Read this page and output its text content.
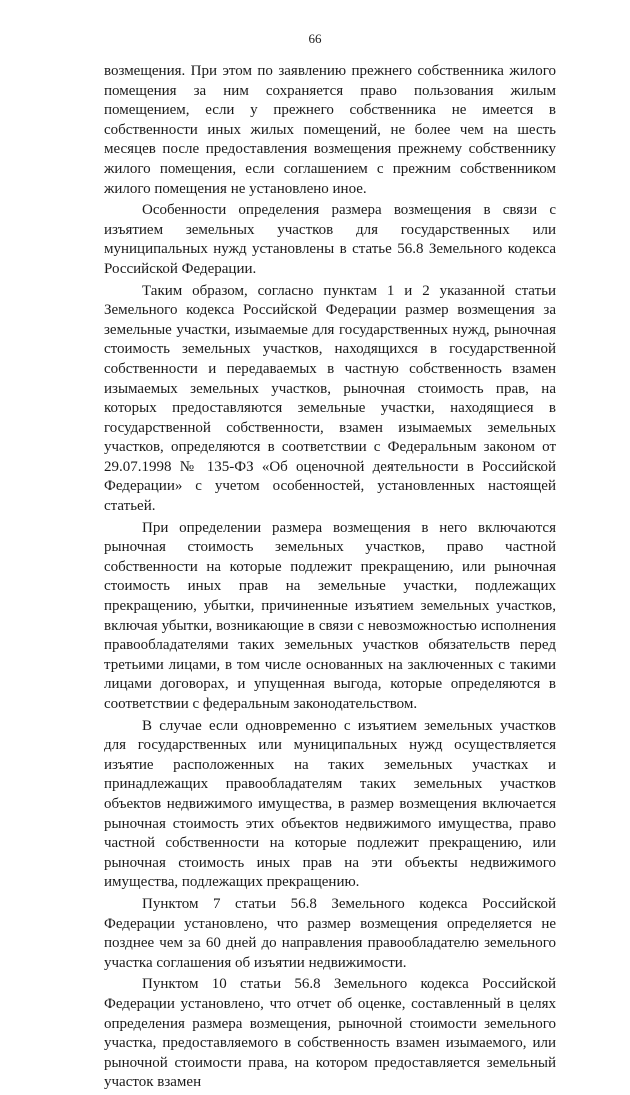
66

возмещения. При этом по заявлению прежнего собственника жилого помещения за ним сохраняется право пользования жилым помещением, если у прежнего собственника не имеется в собственности иных жилых помещений, не более чем на шесть месяцев после предоставления возмещения прежнему собственнику жилого помещения, если соглашением с прежним собственником жилого помещения не установлено иное.

Особенности определения размера возмещения в связи с изъятием земельных участков для государственных или муниципальных нужд установлены в статье 56.8 Земельного кодекса Российской Федерации.

Таким образом, согласно пунктам 1 и 2 указанной статьи Земельного кодекса Российской Федерации размер возмещения за земельные участки, изымаемые для государственных нужд, рыночная стоимость земельных участков, находящихся в государственной собственности и передаваемых в частную собственность взамен изымаемых земельных участков, рыночная стоимость прав, на которых предоставляются земельные участки, находящиеся в государственной собственности, взамен изымаемых земельных участков, определяются в соответствии с Федеральным законом от 29.07.1998 № 135-ФЗ «Об оценочной деятельности в Российской Федерации» с учетом особенностей, установленных настоящей статьей.

При определении размера возмещения в него включаются рыночная стоимость земельных участков, право частной собственности на которые подлежит прекращению, или рыночная стоимость иных прав на земельные участки, подлежащих прекращению, убытки, причиненные изъятием земельных участков, включая убытки, возникающие в связи с невозможностью исполнения правообладателями таких земельных участков обязательств перед третьими лицами, в том числе основанных на заключенных с такими лицами договорах, и упущенная выгода, которые определяются в соответствии с федеральным законодательством.

В случае если одновременно с изъятием земельных участков для государственных или муниципальных нужд осуществляется изъятие расположенных на таких земельных участках и принадлежащих правообладателям таких земельных участков объектов недвижимого имущества, в размер возмещения включается рыночная стоимость этих объектов недвижимого имущества, право частной собственности на которые подлежит прекращению, или рыночная стоимость иных прав на эти объекты недвижимого имущества, подлежащих прекращению.

Пунктом 7 статьи 56.8 Земельного кодекса Российской Федерации установлено, что размер возмещения определяется не позднее чем за 60 дней до направления правообладателю земельного участка соглашения об изъятии недвижимости.

Пунктом 10 статьи 56.8 Земельного кодекса Российской Федерации установлено, что отчет об оценке, составленный в целях определения размера возмещения, рыночной стоимости земельного участка, предоставляемого в собственность взамен изымаемого, или рыночной стоимости права, на котором предоставляется земельный участок взамен
